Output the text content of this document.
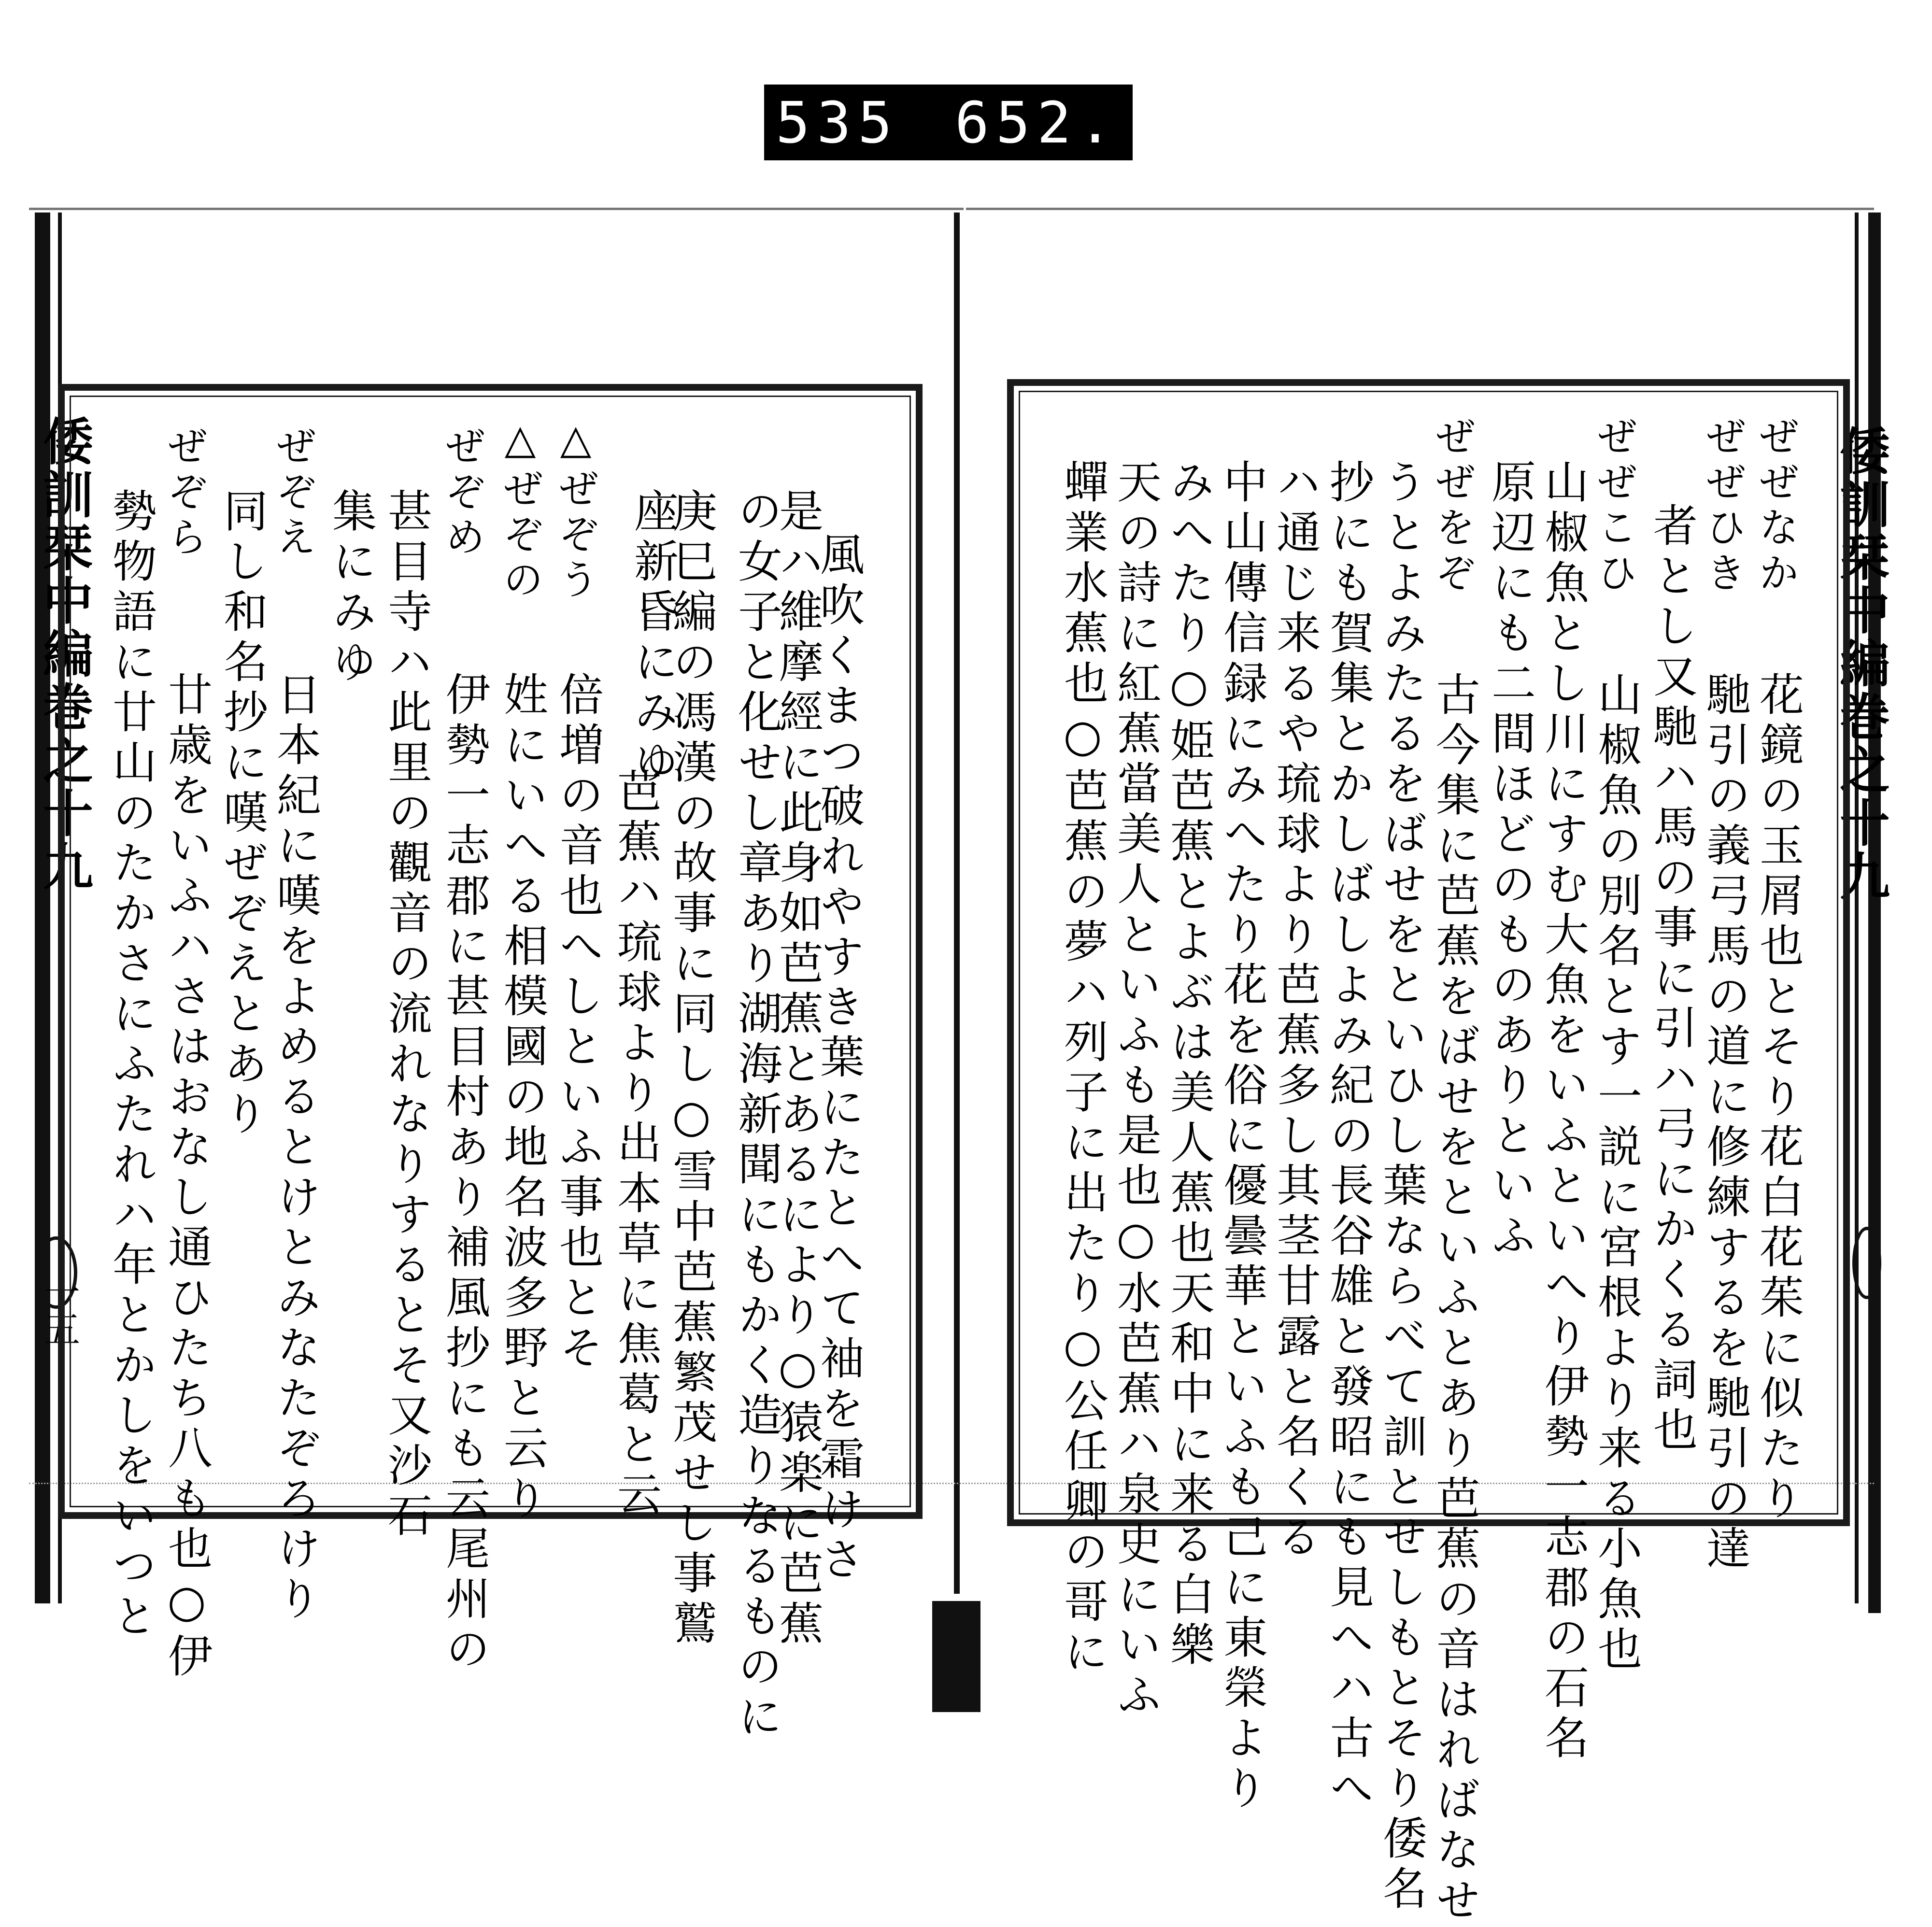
535 652.
倭訓栞中編巻之十九
十五
倭訓栞中編巻之十九
風吹くまつ破れやすき葉にたとへて袖を霜けさ
是ハ維摩經に此身如芭蕉とあるにより○猿楽に芭蕉
の女子と化せし章あり湖海新聞にもかく造りなるものに
庚巳編の馮漢の故事に同し○雪中芭蕉繁茂せし事鷲
座新昏にみゆ
△ぜぞう
倍増の音也へしといふ事也とそ 芭蕉ハ琉球より出本草に焦葛と云
△ぜぞの
姓にいへる相模國の地名波多野と云り
ぜぞめ
伊勢一志郡に甚目村あり補風抄にも云尾州の
甚目寺ハ此里の觀音の流れなりするとそ又沙石
集にみゆ
ぜぞえ
日本紀に嘆をよめるとけとみなたぞろけり
同し和名抄に嘆ぜぞえとあり
ぜぞら
廿歳をいふハさはおなし通ひたち八も也○伊
勢物語に廿山のたかさにふたれハ年とかしをいつと	ぜぜなか
花鏡の玉屑也とそり花白花茱に似たり
ぜぜひき
馳引の義弓馬の道に修練するを馳引の達
者とし又馳ハ馬の事に引ハ弓にかくる詞也
ぜぜこひ
山椒魚の別名とす一説に宮根より来る小魚也
山椒魚とし川にすむ大魚をいふといへり伊勢一志郡の石名
原辺にも二間ほどのものありといふ
ぜぜをぞ
古今集に芭蕉をばせをといふとあり芭蕉の音はればなせ
うとよみたるをばせをといひし葉ならべて訓とせしもとそり倭名
抄にも賀集とかしばしよみ紀の長谷雄と發昭にも見へハ古へ
ハ通じ来るや琉球より芭蕉多し其茎甘露と名くる
中山傳信録にみへたり花を俗に優曇華といふも己に東榮より
みへたり○姫芭蕉とよぶは美人蕉也天和中に来る白樂
天の詩に紅蕉當美人といふも是也○水芭蕉ハ泉史にいふ
蟬業水蕉也○芭蕉の夢ハ列子に出たり○公任卿の哥に
